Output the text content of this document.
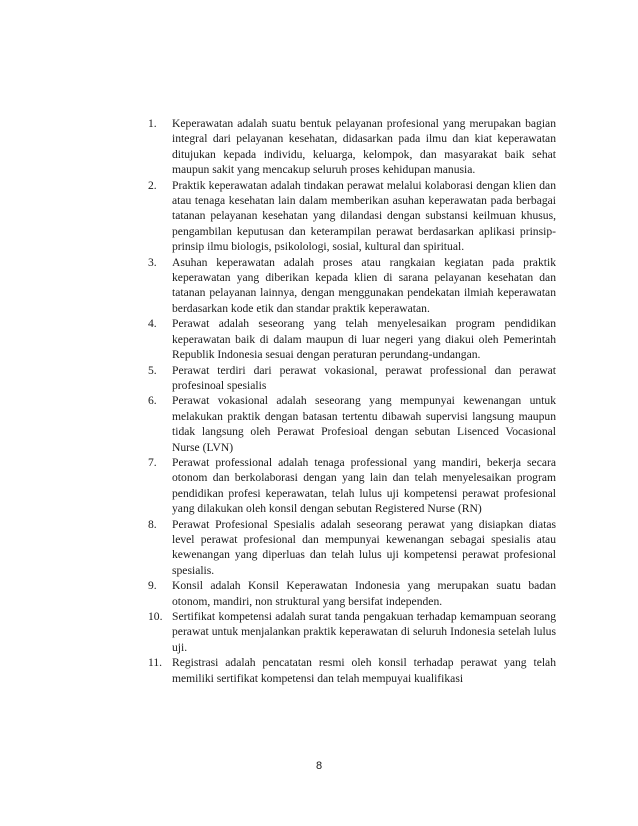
1.	Keperawatan adalah suatu bentuk pelayanan profesional yang merupakan bagian integral dari pelayanan kesehatan, didasarkan pada ilmu dan kiat keperawatan ditujukan kepada individu, keluarga, kelompok, dan masyarakat baik sehat maupun sakit yang mencakup seluruh proses kehidupan manusia.
2.	Praktik keperawatan adalah tindakan perawat melalui kolaborasi dengan klien dan atau tenaga kesehatan lain dalam memberikan asuhan keperawatan pada berbagai tatanan pelayanan kesehatan yang dilandasi dengan substansi keilmuan khusus, pengambilan keputusan dan keterampilan perawat berdasarkan aplikasi prinsip-prinsip ilmu biologis, psikolologi, sosial, kultural dan spiritual.
3.	Asuhan keperawatan adalah proses atau rangkaian kegiatan pada praktik keperawatan yang diberikan kepada klien di sarana pelayanan kesehatan dan tatanan pelayanan lainnya, dengan menggunakan pendekatan ilmiah keperawatan berdasarkan kode etik dan standar praktik keperawatan.
4.	Perawat adalah seseorang yang telah menyelesaikan program pendidikan keperawatan baik di dalam maupun di luar negeri yang diakui oleh Pemerintah Republik Indonesia sesuai dengan peraturan perundang-undangan.
5.	Perawat terdiri dari perawat vokasional, perawat professional dan perawat profesinoal spesialis
6.	Perawat vokasional adalah seseorang yang mempunyai kewenangan untuk melakukan praktik dengan batasan tertentu dibawah supervisi langsung maupun tidak langsung oleh Perawat Profesioal dengan sebutan Lisenced Vocasional Nurse (LVN)
7.	Perawat professional adalah tenaga professional yang mandiri, bekerja secara otonom dan berkolaborasi dengan yang lain dan telah menyelesaikan program pendidikan profesi keperawatan, telah lulus uji kompetensi perawat profesional yang dilakukan oleh konsil dengan sebutan Registered Nurse (RN)
8.	Perawat Profesional Spesialis adalah seseorang perawat yang disiapkan diatas level perawat profesional dan mempunyai kewenangan sebagai spesialis atau kewenangan yang diperluas dan telah lulus uji kompetensi perawat profesional spesialis.
9.	Konsil adalah Konsil Keperawatan Indonesia yang merupakan suatu badan otonom, mandiri, non struktural yang bersifat independen.
10. Sertifikat kompetensi adalah surat tanda pengakuan terhadap kemampuan seorang perawat untuk menjalankan praktik keperawatan di seluruh Indonesia setelah lulus uji.
11. Registrasi adalah pencatatan resmi oleh konsil terhadap perawat yang telah memiliki sertifikat kompetensi dan telah mempuyai kualifikasi
8
